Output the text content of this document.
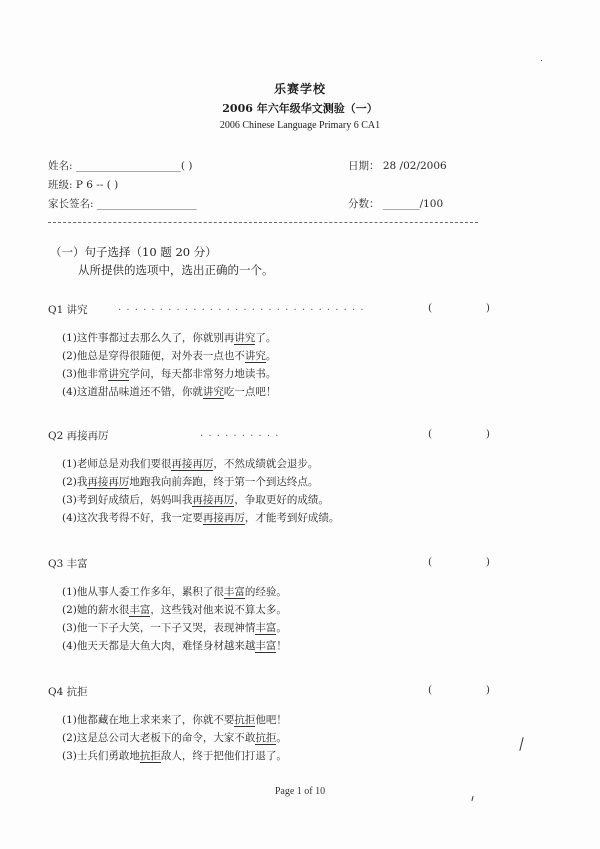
乐赛学校
2006 年六年级华文测验（一）
2006 Chinese Language Primary 6 CA1
姓名: ____________________( )	日期： 28 /02/2006
班级: P 6 -- ( )
家长签名: ___________________	分数： _______/100
（一）句子选择（10 题 20 分）
从所提供的选项中，选出正确的一个。
Q1 讲究	. . . . . . . . . . . . . . . . . . . . . . . . . . . . . .	(	)
(1)这件事都过去那么久了，你就别再讲究了。
(2)他总是穿得很随便，对外表一点也不讲究。
(3)他非常讲究学问，每天都非常努力地读书。
(4)这道甜品味道还不错，你就讲究吃一点吧！
Q2 再接再厉	. . . . . . . . . .	(	)
(1)老师总是劝我们要很再接再厉，不然成绩就会退步。
(2)我再接再厉地跑我向前奔跑，终于第一个到达终点。
(3)考到好成绩后，妈妈叫我再接再厉，争取更好的成绩。
(4)这次我考得不好，我一定要再接再厉，才能考到好成绩。
Q3 丰富	(	)
(1)他从事人委工作多年，累积了很丰富的经验。
(2)她的薪水很丰富，这些钱对他来说不算太多。
(3)他一下子大笑，一下子又哭，表现神情丰富。
(4)他天天都是大鱼大肉，难怪身材越来越丰富！
Q4 抗拒	(	)
(1)他都藏在地上求来来了，你就不要抗拒他吧！
(2)这是总公司大老板下的命令，大家不敢抗拒。
(3)士兵们勇敢地抗拒敌人，终于把他们打退了。
Page 1 of 10
